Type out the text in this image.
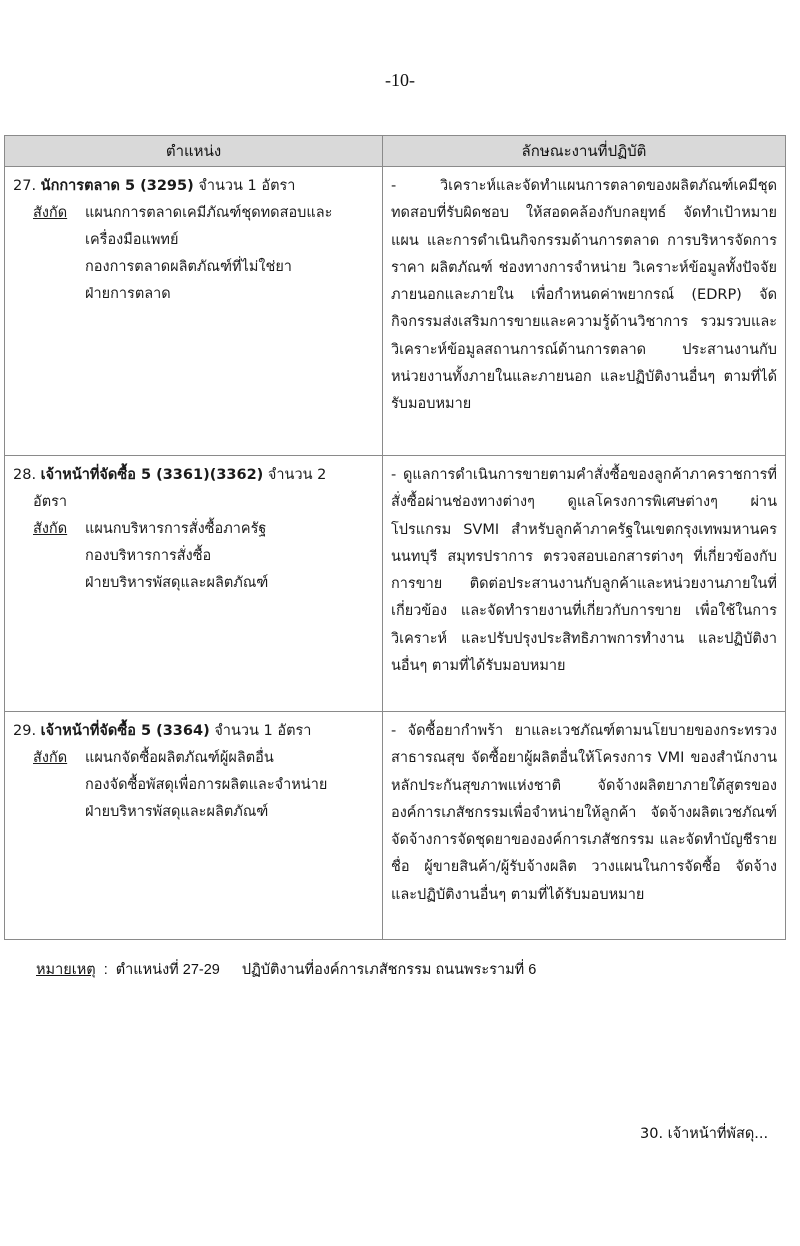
-10-
ตำแหน่ง	ลักษณะงานที่ปฏิบัติ

27. นักการตลาด 5 (3295) จำนวน 1 อัตรา
สังกัด	แผนกการตลาดเคมีภัณฑ์ชุดทดสอบและ
เครื่องมือแพทย์
กองการตลาดผลิตภัณฑ์ที่ไม่ใช่ยา
ฝ่ายการตลาด
	- วิเคราะห์และจัดทำแผนการตลาดของผลิตภัณฑ์เคมีชุดทดสอบที่รับผิดชอบ ให้สอดคล้องกับกลยุทธ์ จัดทำเป้าหมาย แผน และการดำเนินกิจกรรมด้านการตลาด การบริหารจัดการราคา ผลิตภัณฑ์ ช่องทางการจำหน่าย วิเคราะห์ข้อมูลทั้งปัจจัยภายนอกและภายใน เพื่อกำหนดค่าพยากรณ์ (EDRP) จัดกิจกรรมส่งเสริมการขายและความรู้ด้านวิชาการ รวมรวบและวิเคราะห์ข้อมูลสถานการณ์ด้านการตลาด ประสานงานกับหน่วยงานทั้งภายในและภายนอก และปฏิบัติงานอื่นๆ ตามที่ได้รับมอบหมาย

28. เจ้าหน้าที่จัดซื้อ 5 (3361)(3362) จำนวน 2
อัตรา
สังกัด	แผนกบริหารการสั่งซื้อภาครัฐ
กองบริหารการสั่งซื้อ
ฝ่ายบริหารพัสดุและผลิตภัณฑ์
	- ดูแลการดำเนินการขายตามคำสั่งซื้อของลูกค้าภาคราชการที่สั่งซื้อผ่านช่องทางต่างๆ ดูแลโครงการพิเศษต่างๆ ผ่านโปรแกรม SVMI สำหรับลูกค้าภาครัฐในเขตกรุงเทพมหานคร นนทบุรี สมุทรปราการ ตรวจสอบเอกสารต่างๆ ที่เกี่ยวข้องกับการขาย ติดต่อประสานงานกับลูกค้าและหน่วยงานภายในที่เกี่ยวข้อง และจัดทำรายงานที่เกี่ยวกับการขาย เพื่อใช้ในการวิเคราะห์ และปรับปรุงประสิทธิภาพการทำงาน และปฏิบัติงานอื่นๆ ตามที่ได้รับมอบหมาย

29. เจ้าหน้าที่จัดซื้อ 5 (3364) จำนวน 1 อัตรา
สังกัด	แผนกจัดซื้อผลิตภัณฑ์ผู้ผลิตอื่น
กองจัดซื้อพัสดุเพื่อการผลิตและจำหน่าย
ฝ่ายบริหารพัสดุและผลิตภัณฑ์
	- จัดซื้อยากำพร้า ยาและเวชภัณฑ์ตามนโยบายของกระทรวงสาธารณสุข จัดซื้อยาผู้ผลิตอื่นให้โครงการ VMI ของสำนักงานหลักประกันสุขภาพแห่งชาติ จัดจ้างผลิตยาภายใต้สูตรขององค์การเภสัชกรรมเพื่อจำหน่ายให้ลูกค้า จัดจ้างผลิตเวชภัณฑ์ จัดจ้างการจัดชุดยาขององค์การเภสัชกรรม และจัดทำบัญชีรายชื่อ ผู้ขายสินค้า/ผู้รับจ้างผลิต วางแผนในการจัดซื้อ จัดจ้าง และปฏิบัติงานอื่นๆ ตามที่ได้รับมอบหมาย
หมายเหตุ : ตำแหน่งที่ 27-29 ปฏิบัติงานที่องค์การเภสัชกรรม ถนนพระรามที่ 6
30. เจ้าหน้าที่พัสดุ...
